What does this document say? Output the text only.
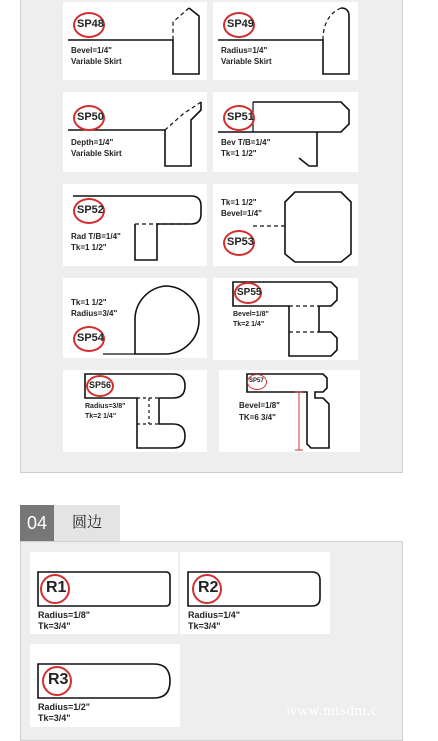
SP48
Bevel=1/4"
Variable Skirt
SP49
Radius=1/4"
Variable Skirt
SP50
Depth=1/4"
Variable Skirt
SP51
Bev T/B=1/4"
Tk=1 1/2"
SP52
Rad T/B=1/4"
Tk=1 1/2"
Tk=1 1/2"
Bevel=1/4"
SP53
Tk=1 1/2"
Radius=3/4"
SP54
SP55
Bevel=1/8"
Tk=2 1/4"
SP56
Radius=3/8"
Tk=2 1/4"
SP57
Bevel=1/8"
TK=6 3/4"
04	圆边
R1
Radius=1/8"
Tk=3/4"
R2
Radius=1/4"
Tk=3/4"
R3
Radius=1/2"
Tk=3/4"	www.mtsdm.c
